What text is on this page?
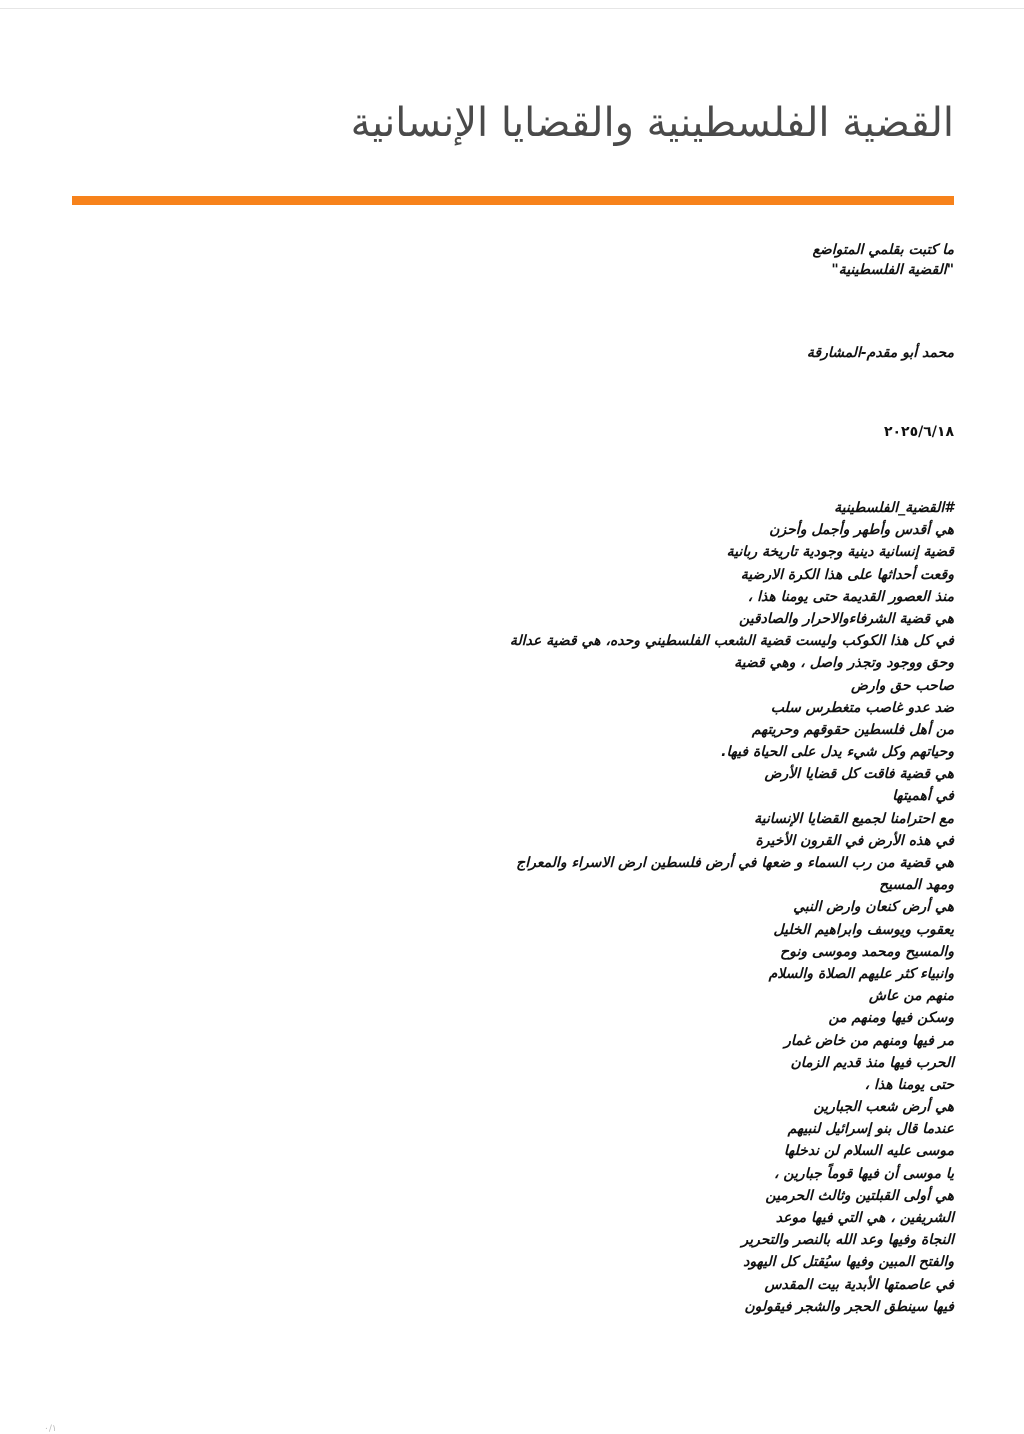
القضية الفلسطينية والقضايا الإنسانية
ما كتبت بقلمي المتواضع
"القضية الفلسطينية"
محمد أبو مقدم-المشارقة
٢٠٢٥/٦/١٨
#القضية_الفلسطينية
هي أقدس وأطهر وأجمل وأحزن
قضية إنسانية دينية وجودية تاريخة ربانية
وقعت أحداثها على هذا الكرة الارضية
منذ العصور القديمة حتى يومنا هذا ،
هي قضية الشرفاءوالاحرار والصادقين
في كل هذا الكوكب وليست قضية الشعب الفلسطيني وحده، هي قضية عدالة
وحق ووجود وتجذر واصل ، وهي قضية
صاحب حق وارض
ضد عدو غاصب متغطرس سلب
من أهل فلسطين حقوقهم وحريتهم
وحياتهم وكل شيء يدل على الحياة فيها.
هي قضية فاقت كل قضايا الأرض
في أهميتها
مع احترامنا لجميع القضايا الإنسانية
في هذه الأرض في القرون الأخيرة
هي قضية من رب السماء و ضعها في أرض فلسطين ارض الاسراء والمعراج
ومهد المسيح
هي أرض كنعان وارض النبي
يعقوب ويوسف وابراهيم الخليل
والمسيح ومحمد وموسى ونوح
وانبياء كثر عليهم الصلاة والسلام
منهم من عاش
وسكن فيها ومنهم من
مر فيها ومنهم من خاض غمار
الحرب فيها منذ قديم الزمان
حتى يومنا هذا ،
هي أرض شعب الجبارين
عندما قال بنو إسرائيل لنبيهم
موسى عليه السلام لن ندخلها
يا موسى أن فيها قوماً جبارين ،
هي أولى القبلتين وثالث الحرمين
الشريفين ، هي التي فيها موعد
النجاة وفيها وعد الله بالنصر والتحرير
والفتح المبين وفيها سيُقتل كل اليهود
في عاصمتها الأبدية بيت المقدس
فيها سينطق الحجر والشجر فيقولون
٠/١
